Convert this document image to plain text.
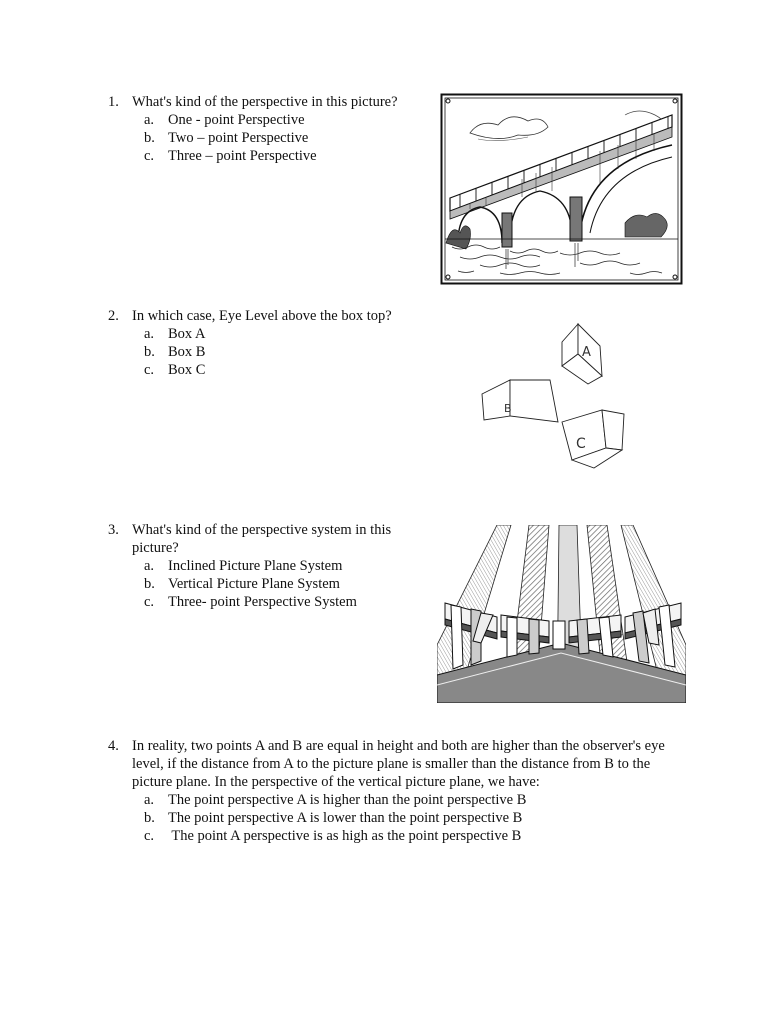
1. What's kind of the perspective in this picture?
a. One - point Perspective
b. Two – point Perspective
c. Three – point Perspective
2. In which case, Eye Level above the box top?
a. Box A
b. Box B
c. Box C
A
B
C
3. What's kind of the perspective system in this picture?
a. Inclined Picture Plane System
b. Vertical Picture Plane System
c. Three- point Perspective System
4. In reality, two points A and B are equal in height and both are higher than the observer's eye level, if the distance from A to the picture plane is smaller than the distance from B to the picture plane. In the perspective of the vertical picture plane, we have:
a. The point perspective A is higher than the point perspective B
b. The point perspective A is lower than the point perspective B
c. The point A perspective is as high as the point perspective B
